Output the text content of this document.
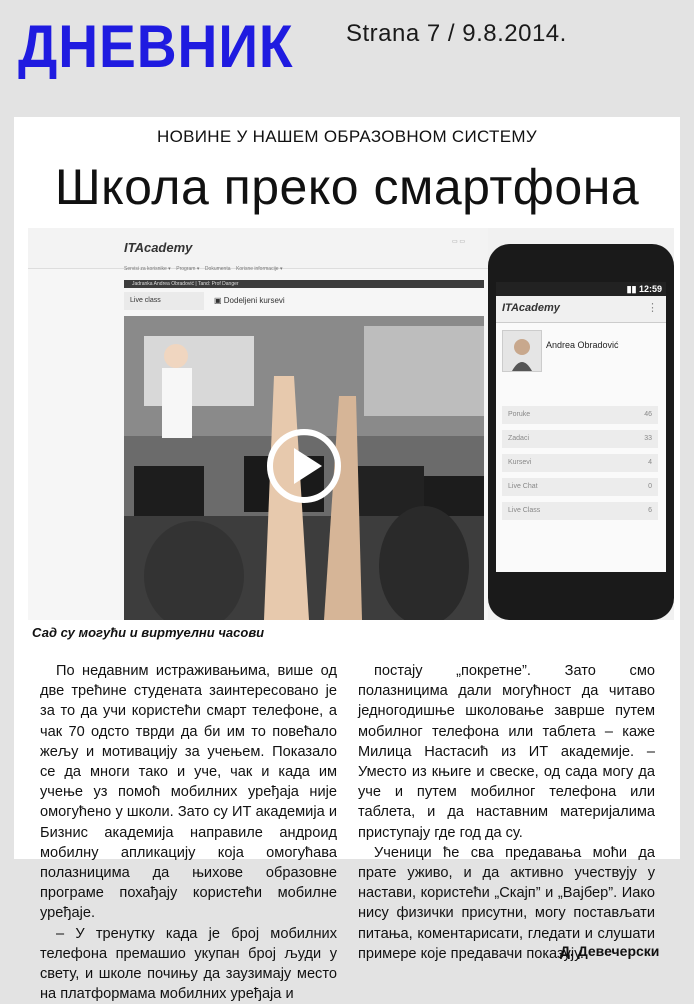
ДНЕВНИК Strana 7 / 9.8.2014.
НОВИНЕ У НАШЕМ ОБРАЗОВНОМ СИСТЕМУ
Школа преко смартфона
ITAcademy	▭ ▭
Servisi za korisnike ▾    Program ▾    Dokumenta Korisne informacije ▾
Jadranka Andrea Obradović | Tand: Prof Danger
Live class	▣ Dodeljeni kursevi
▮▮ 12:59
ITAcademy	⋮
Andrea Obradović
Poruke	46
Zadaci	33
Kursevi	4
Live Chat	0
Live Class	6
Сад су могући и виртуелни часови

По недавним истраживањима, више од две трећине студената заинтересовано је за то да учи користећи смарт телефоне, а чак 70 одсто тврди да би им то повећало жељу и мотивацију за учењем. Показало се да многи тако и уче, чак и када им учење уз помоћ мобилних уређаја није омогућено у школи. Зато су ИТ академија и Бизнис академија направиле андроид мобилну апликацију која омогућава полазницима да њихове образовне програме похађају користећи мобилне уређаје.

– У тренутку када је број мобилних телефона премашио укупан број људи у свету, и школе почињу да заузимају место на платформама мобилних уређаја и

постају „покретне”. Зато смо полазницима дали могућност да читаво једногодишње школовање заврше путем мобилног телефона или таблета – каже Милица Настасић из ИТ академије. – Уместо из књиге и свеске, од сада могу да уче и путем мобилног телефона или таблета, и да наставним материјалима приступају где год да су.

Ученици ће сва предавања моћи да прате уживо, и да активно учествују у настави, користећи „Скајп” и „Вајбер”. Иако нису физички присутни, могу постављати питања, коментарисати, гледати и слушати примере које предавачи показују.

Д. Девечерски
